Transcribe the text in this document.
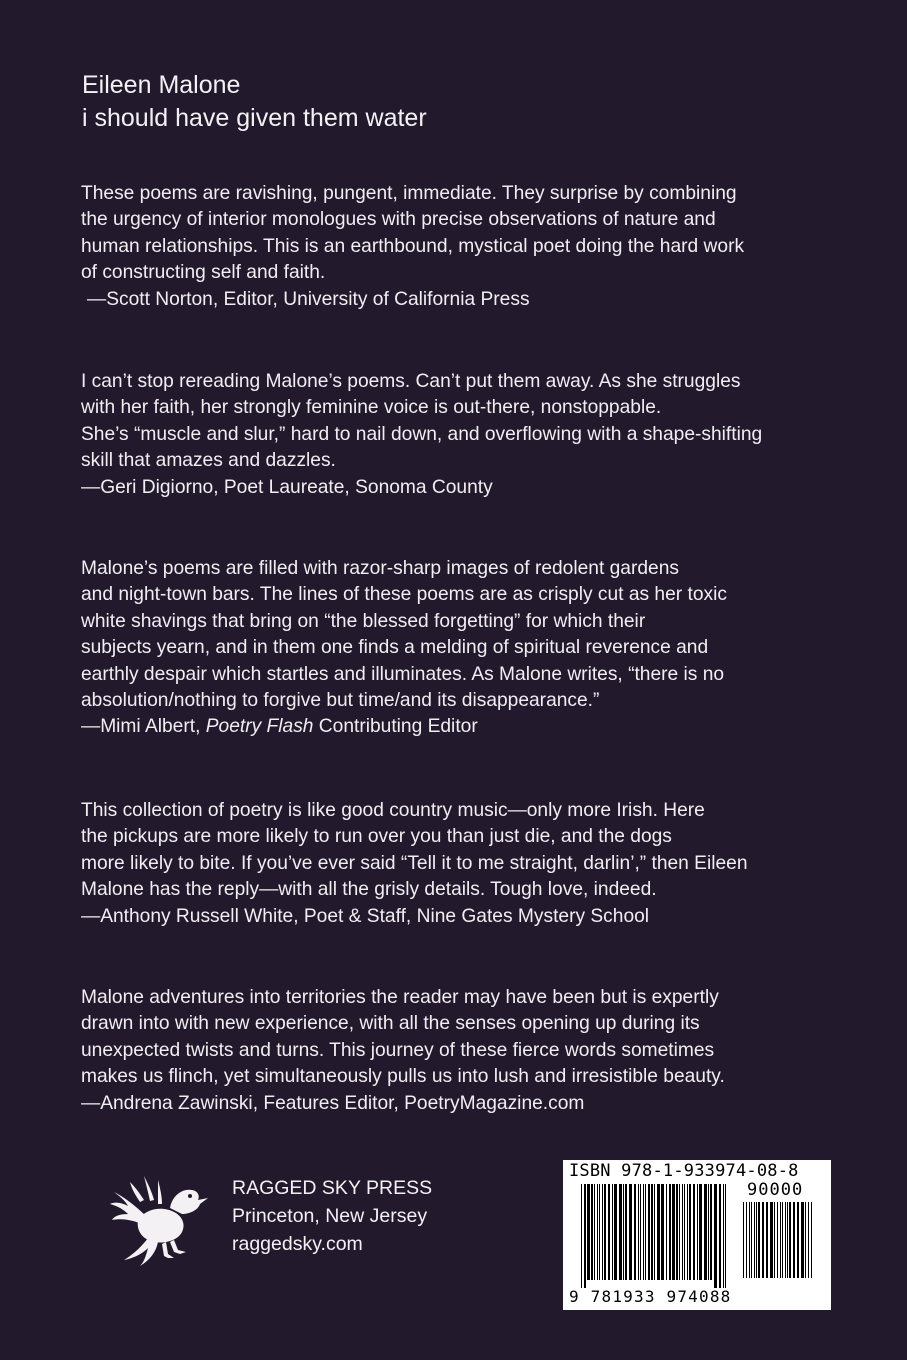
Eileen Malone
i should have given them water

These poems are ravishing, pungent, immediate. They surprise by combining
the urgency of interior monologues with precise observations of nature and
human relationships. This is an earthbound, mystical poet doing the hard work
of constructing self and faith.

—Scott Norton, Editor, University of California Press

I can’t stop rereading Malone’s poems. Can’t put them away. As she struggles
with her faith, her strongly feminine voice is out-there, nonstoppable.
She’s “muscle and slur,” hard to nail down, and overflowing with a shape-shifting
skill that amazes and dazzles.

—Geri Digiorno, Poet Laureate, Sonoma County

Malone’s poems are filled with razor-sharp images of redolent gardens
and night-town bars. The lines of these poems are as crisply cut as her toxic
white shavings that bring on “the blessed forgetting” for which their
subjects yearn, and in them one finds a melding of spiritual reverence and
earthly despair which startles and illuminates. As Malone writes, “there is no
absolution/nothing to forgive but time/and its disappearance.”

—Mimi Albert, Poetry Flash Contributing Editor

This collection of poetry is like good country music—only more Irish. Here
the pickups are more likely to run over you than just die, and the dogs
more likely to bite. If you’ve ever said “Tell it to me straight, darlin’,” then Eileen
Malone has the reply—with all the grisly details. Tough love, indeed.

—Anthony Russell White, Poet & Staff, Nine Gates Mystery School

Malone adventures into territories the reader may have been but is expertly
drawn into with new experience, with all the senses opening up during its
unexpected twists and turns. This journey of these fierce words sometimes
makes us flinch, yet simultaneously pulls us into lush and irresistible beauty.

—Andrena Zawinski, Features Editor, PoetryMagazine.com
RAGGED SKY PRESS
Princeton, New Jersey
raggedsky.com
ISBN 978-1-933974-08-8
90000
9 781933 974088
